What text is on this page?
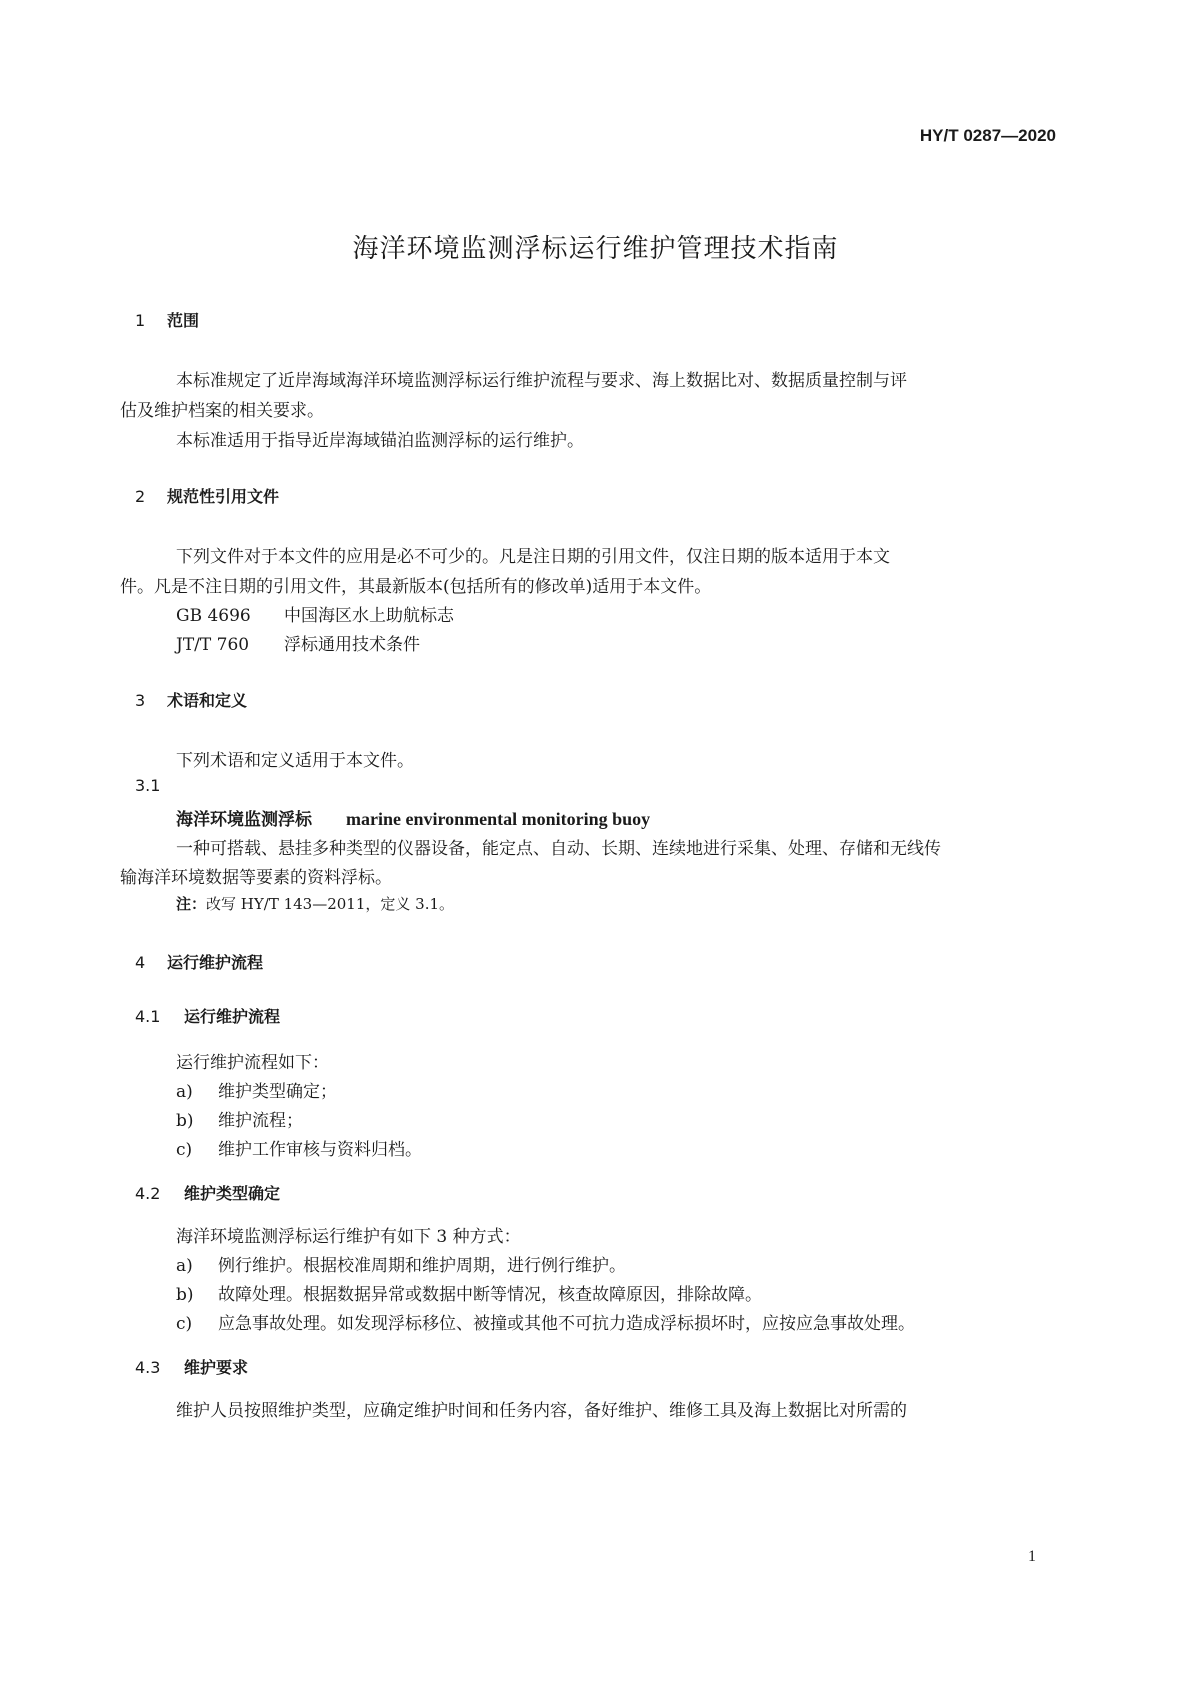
HY/T 0287—2020
海洋环境监测浮标运行维护管理技术指南
1 范围
本标准规定了近岸海域海洋环境监测浮标运行维护流程与要求、海上数据比对、数据质量控制与评
估及维护档案的相关要求。
本标准适用于指导近岸海域锚泊监测浮标的运行维护。
2 规范性引用文件
下列文件对于本文件的应用是必不可少的。凡是注日期的引用文件，仅注日期的版本适用于本文
件。凡是不注日期的引用文件，其最新版本(包括所有的修改单)适用于本文件。
GB 4696 中国海区水上助航标志
JT/T 760 浮标通用技术条件
3 术语和定义
下列术语和定义适用于本文件。
3.1
海洋环境监测浮标 marine environmental monitoring buoy
一种可搭载、悬挂多种类型的仪器设备，能定点、自动、长期、连续地进行采集、处理、存储和无线传
输海洋环境数据等要素的资料浮标。
注：改写 HY/T 143—2011，定义 3.1。
4 运行维护流程
4.1 运行维护流程
运行维护流程如下：
a) 维护类型确定；
b) 维护流程；
c) 维护工作审核与资料归档。
4.2 维护类型确定
海洋环境监测浮标运行维护有如下 3 种方式：
a) 例行维护。根据校准周期和维护周期，进行例行维护。
b) 故障处理。根据数据异常或数据中断等情况，核查故障原因，排除故障。
c) 应急事故处理。如发现浮标移位、被撞或其他不可抗力造成浮标损坏时，应按应急事故处理。
4.3 维护要求
维护人员按照维护类型，应确定维护时间和任务内容，备好维护、维修工具及海上数据比对所需的
1
